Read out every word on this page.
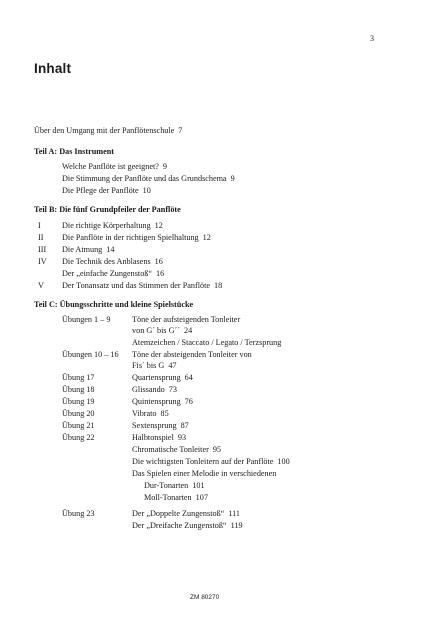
3
Inhalt
Über den Umgang mit der Panflötenschule 7
Teil A: Das Instrument
Welche Panflöte ist geeignet? 9
Die Stimmung der Panflöte und das Grundschema 9
Die Pflege der Panflöte 10
Teil B: Die fünf Grundpfeiler der Panflöte
I	Die richtige Körperhaltung 12
II Die Panflöte in der richtigen Spielhaltung 12
III Die Atmung 14
IV Die Technik des Anblasens 16
Der „einfache Zungenstoß“ 16
V Der Tonansatz und das Stimmen der Panflöte 18
Teil C: Übungsschritte und kleine Spielstücke
Übungen 1 – 9	Töne der aufsteigenden Tonleiter
von G´ bis G´´ 24
Atemzeichen / Staccato / Legato / Terzsprung
Übungen 10 – 16 Töne der absteigenden Tonleiter von
Fis´ bis G 47
Übung 17	Quartensprung 64
Übung 18	Glissando 73
Übung 19	Quintensprung 76
Übung 20	Vibrato 85
Übung 21	Sextensprung 87
Übung 22	Halbtonspiel 93
Chromatische Tonleiter 95
Die wichtigsten Tonleitern auf der Panflöte 100
Das Spielen einer Melodie in verschiedenen
Dur-Tonarten 101
Moll-Tonarten 107
Übung 23	Der „Doppelte Zungenstoß“ 111
Der „Dreifache Zungenstoß“ 119
ZM 80270
